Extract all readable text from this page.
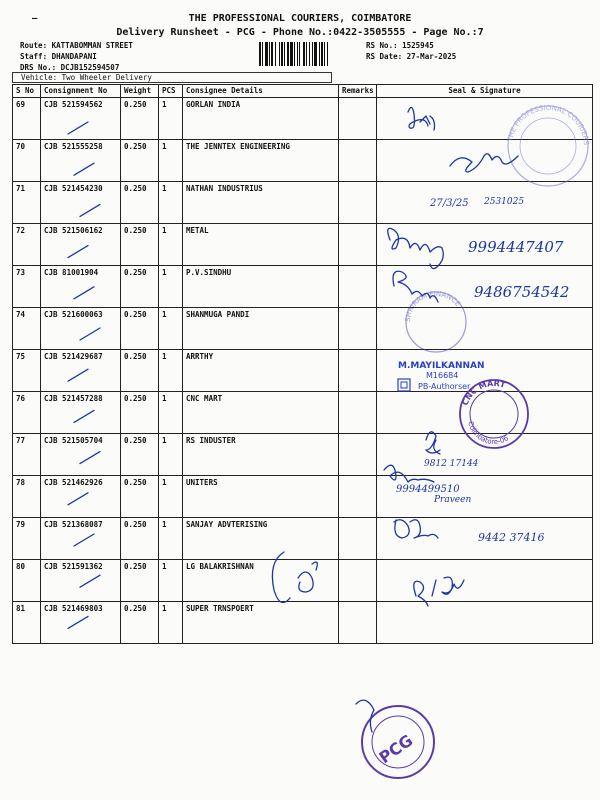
—	THE PROFESSIONAL COURIERS, COIMBATORE
Delivery Runsheet - PCG - Phone No.:0422-3505555 - Page No.:7
Route: KATTABOMMAN STREET
Staff: DHANDAPANI
DRS No.: DCJB152594507
RS No.: 1525945
RS Date: 27-Mar-2025
Vehicle: Two Wheeler Delivery
S No	Consignment No	Weight	PCS	Consignee Details	Remarks	Seal & Signature
69	CJB 521594562	0.250	1	GORLAN INDIA		
70	CJB 521555258	0.250	1	THE JENNTEX ENGINEERING		
71	CJB 521454230	0.250	1	NATHAN INDUSTRIUS		
72	CJB 521506162	0.250	1	METAL		
73	CJB 81001904	0.250	1	P.V.SINDHU		
74	CJB 521600063	0.250	1	SHANMUGA PANDI		
75	CJB 521429687	0.250	1	ARRTHY		
76	CJB 521457288	0.250	1	CNC MART		
77	CJB 521505704	0.250	1	RS INDUSTER		
78	CJB 521462926	0.250	1	UNITERS		
79	CJB 521368087	0.250	1	SANJAY ADVTERISING		
80	CJB 521591362	0.250	1	LG BALAKRISHNAN		
81	CJB 521469803	0.250	1	SUPER TRNSPOERT		
THE PROFESSIONAL COURIERS
27/3/25 2531025
9994447407
9486754542
9812 17144
9994499510
Praveen
9442 37416
SHRIRAM FINANCE
M.MAYILKANNAN
M16684
PB-Authorser
CNC MART
Coimbatore-06
PCG
